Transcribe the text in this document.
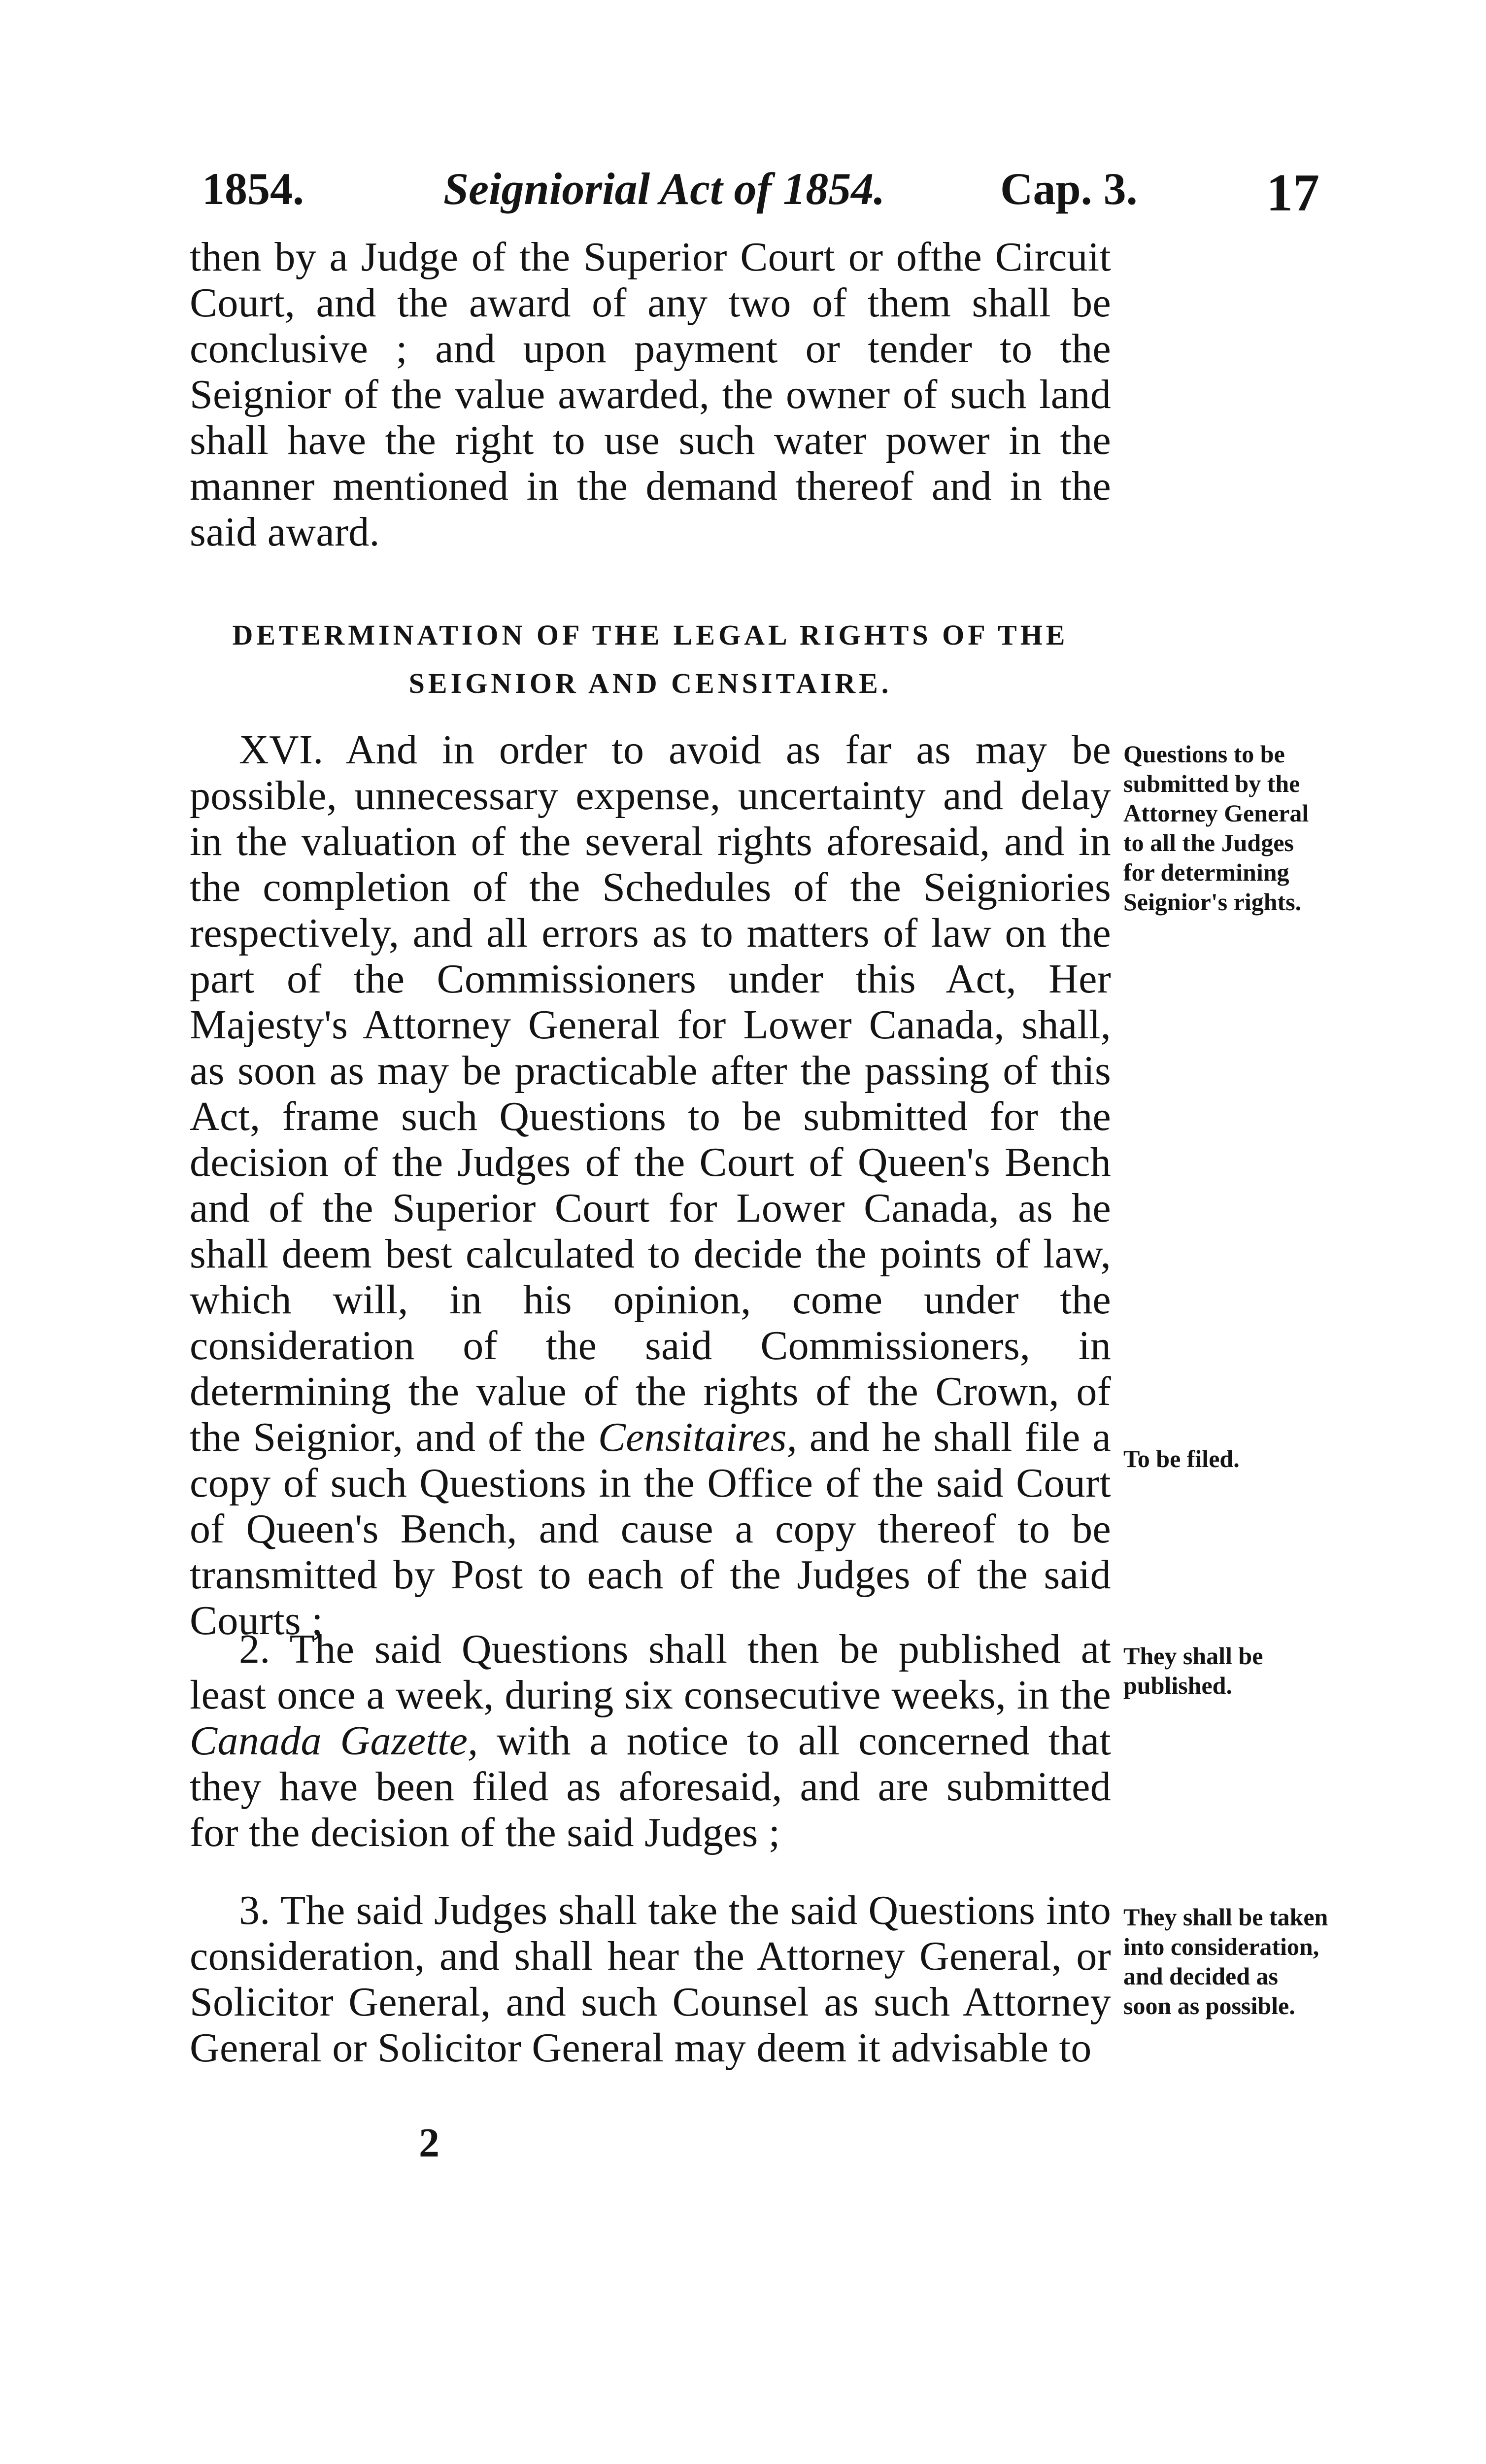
1854.	Seigniorial Act of 1854.	Cap. 3. 17
then by a Judge of the Superior Court or ofthe Circuit Court, and the award of any two of them shall be conclusive ; and upon payment or tender to the Seignior of the value awarded, the owner of such land shall have the right to use such water power in the manner mentioned in the demand thereof and in the said award.
DETERMINATION OF THE LEGAL RIGHTS OF THE
SEIGNIOR AND CENSITAIRE.
XVI. And in order to avoid as far as may be possible, unnecessary expense, uncertainty and delay in the valuation of the several rights aforesaid, and in the completion of the Schedules of the Seigniories respectively, and all errors as to matters of law on the part of the Commissioners under this Act, Her Majesty's Attorney General for Lower Canada, shall, as soon as may be practicable after the passing of this Act, frame such Questions to be submitted for the decision of the Judges of the Court of Queen's Bench and of the Superior Court for Lower Canada, as he shall deem best calculated to decide the points of law, which will, in his opinion, come under the consideration of the said Commissioners, in determining the value of the rights of the Crown, of the Seignior, and of the Censitaires, and he shall file a copy of such Questions in the Office of the said Court of Queen's Bench, and cause a copy thereof to be transmitted by Post to each of the Judges of the said Courts ;
2. The said Questions shall then be published at least once a week, during six consecutive weeks, in the Canada Gazette, with a notice to all concerned that they have been filed as aforesaid, and are submitted for the decision of the said Judges ;
3. The said Judges shall take the said Questions into consideration, and shall hear the Attorney General, or Solicitor General, and such Counsel as such Attorney General or Solicitor General may deem it advisable to
2
Questions to be submitted by the Attorney General to all the Judges for determining Seignior's rights.
To be filed.
They shall be published.
They shall be taken into consideration, and decided as soon as possible.
